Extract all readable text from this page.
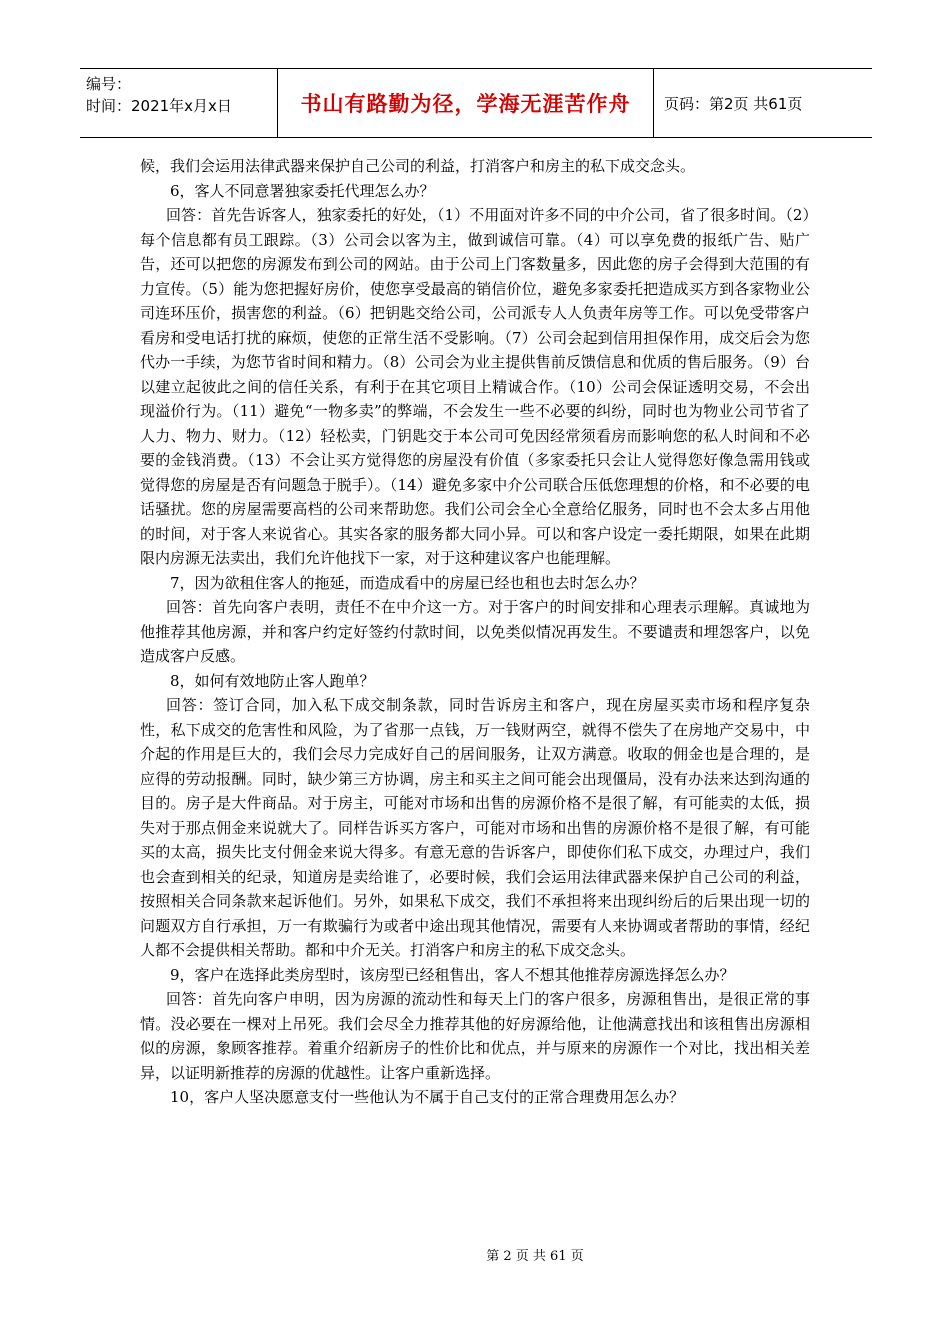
编号：
时间：2021年x月x日	书山有路勤为径，学海无涯苦作舟	页码：第2页 共61页

候，我们会运用法律武器来保护自己公司的利益，打消客户和房主的私下成交念头。

6，客人不同意署独家委托代理怎么办？

回答：首先告诉客人，独家委托的好处，（1）不用面对许多不同的中介公司，省了很多时间。（2）每个信息都有员工跟踪。（3）公司会以客为主，做到诚信可靠。（4）可以享免费的报纸广告、贴广告，还可以把您的房源发布到公司的网站。由于公司上门客数量多，因此您的房子会得到大范围的有力宣传。（5）能为您把握好房价，使您享受最高的销信价位，避免多家委托把造成买方到各家物业公司连环压价，损害您的利益。（6）把钥匙交给公司，公司派专人人负责年房等工作。可以免受带客户看房和受电话打扰的麻烦，使您的正常生活不受影响。（7）公司会起到信用担保作用，成交后会为您代办一手续，为您节省时间和精力。（8）公司会为业主提供售前反馈信息和优质的售后服务。（9）台以建立起彼此之间的信任关系，有利于在其它项目上精诚合作。（10）公司会保证透明交易，不会出现溢价行为。（11）避免“一物多卖”的弊端，不会发生一些不必要的纠纷，同时也为物业公司节省了人力、物力、财力。（12）轻松卖，门钥匙交于本公司可免因经常须看房而影响您的私人时间和不必要的金钱消费。（13）不会让买方觉得您的房屋没有价值（多家委托只会让人觉得您好像急需用钱或觉得您的房屋是否有问题急于脱手）。（14）避免多家中介公司联合压低您理想的价格，和不必要的电话骚扰。您的房屋需要高档的公司来帮助您。我们公司会全心全意给亿服务，同时也不会太多占用他的时间，对于客人来说省心。其实各家的服务都大同小异。可以和客户设定一委托期限，如果在此期限内房源无法卖出，我们允许他找下一家，对于这种建议客户也能理解。

7，因为欲租住客人的拖延，而造成看中的房屋已经也租也去时怎么办？

回答：首先向客户表明，责任不在中介这一方。对于客户的时间安排和心理表示理解。真诚地为他推荐其他房源，并和客户约定好签约付款时间，以免类似情况再发生。不要谴责和埋怨客户，以免造成客户反感。

8，如何有效地防止客人跑单？

回答：签订合同，加入私下成交制条款，同时告诉房主和客户，现在房屋买卖市场和程序复杂性，私下成交的危害性和风险，为了省那一点钱，万一钱财两空，就得不偿失了在房地产交易中，中介起的作用是巨大的，我们会尽力完成好自己的居间服务，让双方满意。收取的佣金也是合理的，是应得的劳动报酬。同时，缺少第三方协调，房主和买主之间可能会出现僵局，没有办法来达到沟通的目的。房子是大件商品。对于房主，可能对市场和出售的房源价格不是很了解，有可能卖的太低，损失对于那点佣金来说就大了。同样告诉买方客户，可能对市场和出售的房源价格不是很了解，有可能买的太高，损失比支付佣金来说大得多。有意无意的告诉客户，即使你们私下成交，办理过户，我们也会查到相关的纪录，知道房是卖给谁了，必要时候，我们会运用法律武器来保护自己公司的利益，按照相关合同条款来起诉他们。另外，如果私下成交，我们不承担将来出现纠纷后的后果出现一切的问题双方自行承担，万一有欺骗行为或者中途出现其他情况，需要有人来协调或者帮助的事情，经纪人都不会提供相关帮助。都和中介无关。打消客户和房主的私下成交念头。

9，客户在选择此类房型时，该房型已经租售出，客人不想其他推荐房源选择怎么办？

回答：首先向客户申明，因为房源的流动性和每天上门的客户很多，房源租售出，是很正常的事情。没必要在一棵对上吊死。我们会尽全力推荐其他的好房源给他，让他满意找出和该租售出房源相似的房源，象顾客推荐。着重介绍新房子的性价比和优点，并与原来的房源作一个对比，找出相关差异，以证明新推荐的房源的优越性。让客户重新选择。

10，客户人坚决愿意支付一些他认为不属于自己支付的正常合理费用怎么办？

第 2 页 共 61 页
